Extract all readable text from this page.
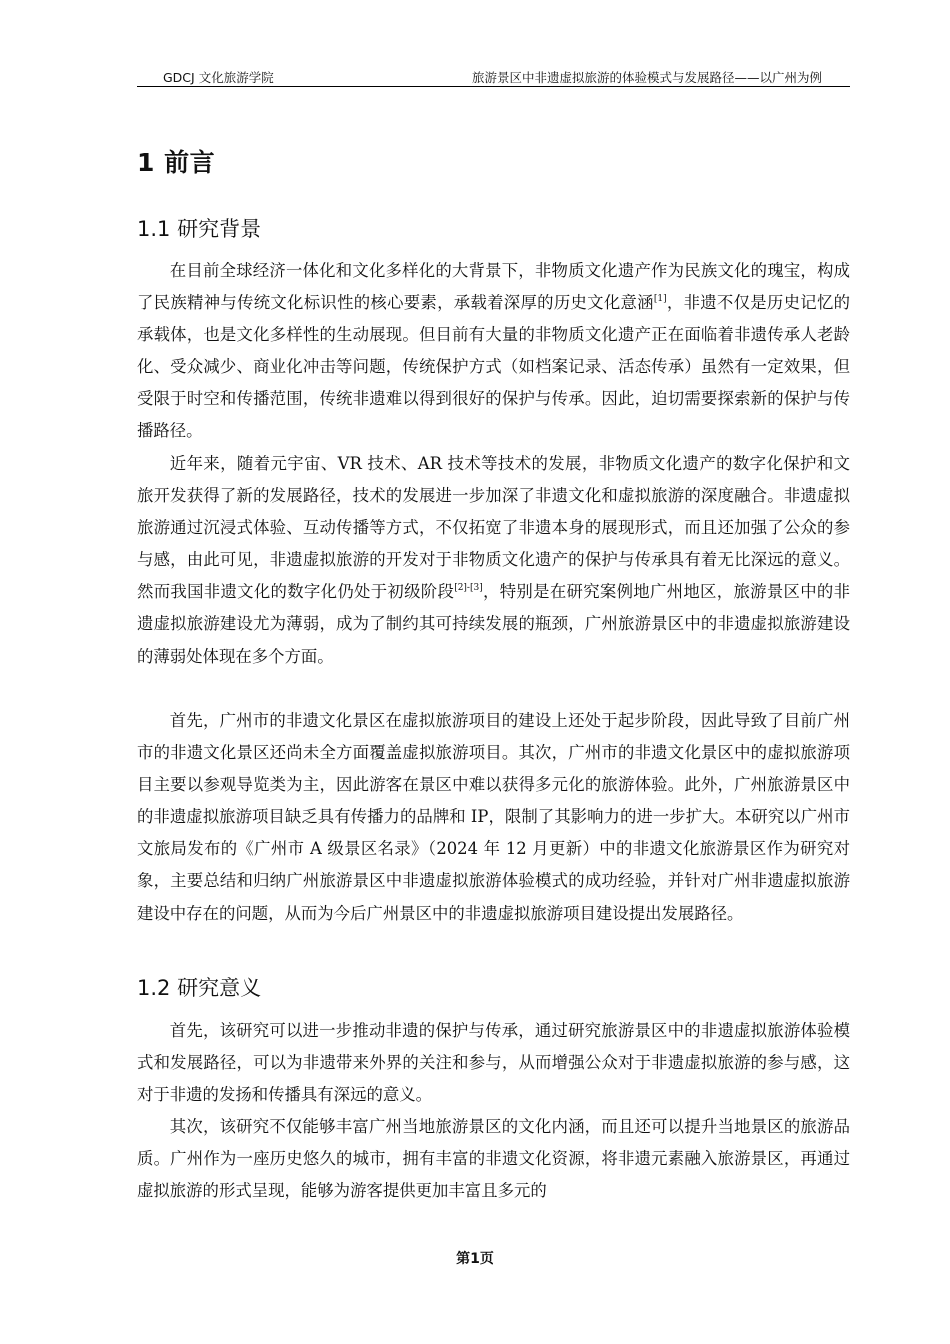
GDCJ 文化旅游学院	旅游景区中非遗虚拟旅游的体验模式与发展路径——以广州为例
1 前言
1.1 研究背景

在目前全球经济一体化和文化多样化的大背景下，非物质文化遗产作为民族文化的瑰宝，构成了民族精神与传统文化标识性的核心要素，承载着深厚的历史文化意涵[1]，非遗不仅是历史记忆的承载体，也是文化多样性的生动展现。但目前有大量的非物质文化遗产正在面临着非遗传承人老龄化、受众减少、商业化冲击等问题，传统保护方式（如档案记录、活态传承）虽然有一定效果，但受限于时空和传播范围，传统非遗难以得到很好的保护与传承。因此，迫切需要探索新的保护与传播路径。

近年来，随着元宇宙、VR 技术、AR 技术等技术的发展，非物质文化遗产的数字化保护和文旅开发获得了新的发展路径，技术的发展进一步加深了非遗文化和虚拟旅游的深度融合。非遗虚拟旅游通过沉浸式体验、互动传播等方式，不仅拓宽了非遗本身的展现形式，而且还加强了公众的参与感，由此可见，非遗虚拟旅游的开发对于非物质文化遗产的保护与传承具有着无比深远的意义。然而我国非遗文化的数字化仍处于初级阶段[2]-[3]，特别是在研究案例地广州地区，旅游景区中的非遗虚拟旅游建设尤为薄弱，成为了制约其可持续发展的瓶颈，广州旅游景区中的非遗虚拟旅游建设的薄弱处体现在多个方面。

首先，广州市的非遗文化景区在虚拟旅游项目的建设上还处于起步阶段，因此导致了目前广州市的非遗文化景区还尚未全方面覆盖虚拟旅游项目。其次，广州市的非遗文化景区中的虚拟旅游项目主要以参观导览类为主，因此游客在景区中难以获得多元化的旅游体验。此外，广州旅游景区中的非遗虚拟旅游项目缺乏具有传播力的品牌和 IP，限制了其影响力的进一步扩大。本研究以广州市文旅局发布的《广州市 A 级景区名录》（2024 年 12 月更新）中的非遗文化旅游景区作为研究对象，主要总结和归纳广州旅游景区中非遗虚拟旅游体验模式的成功经验，并针对广州非遗虚拟旅游建设中存在的问题，从而为今后广州景区中的非遗虚拟旅游项目建设提出发展路径。

1.2 研究意义

首先，该研究可以进一步推动非遗的保护与传承，通过研究旅游景区中的非遗虚拟旅游体验模式和发展路径，可以为非遗带来外界的关注和参与，从而增强公众对于非遗虚拟旅游的参与感，这对于非遗的发扬和传播具有深远的意义。

其次，该研究不仅能够丰富广州当地旅游景区的文化内涵，而且还可以提升当地景区的旅游品质。广州作为一座历史悠久的城市，拥有丰富的非遗文化资源，将非遗元素融入旅游景区，再通过虚拟旅游的形式呈现，能够为游客提供更加丰富且多元的

第1页
